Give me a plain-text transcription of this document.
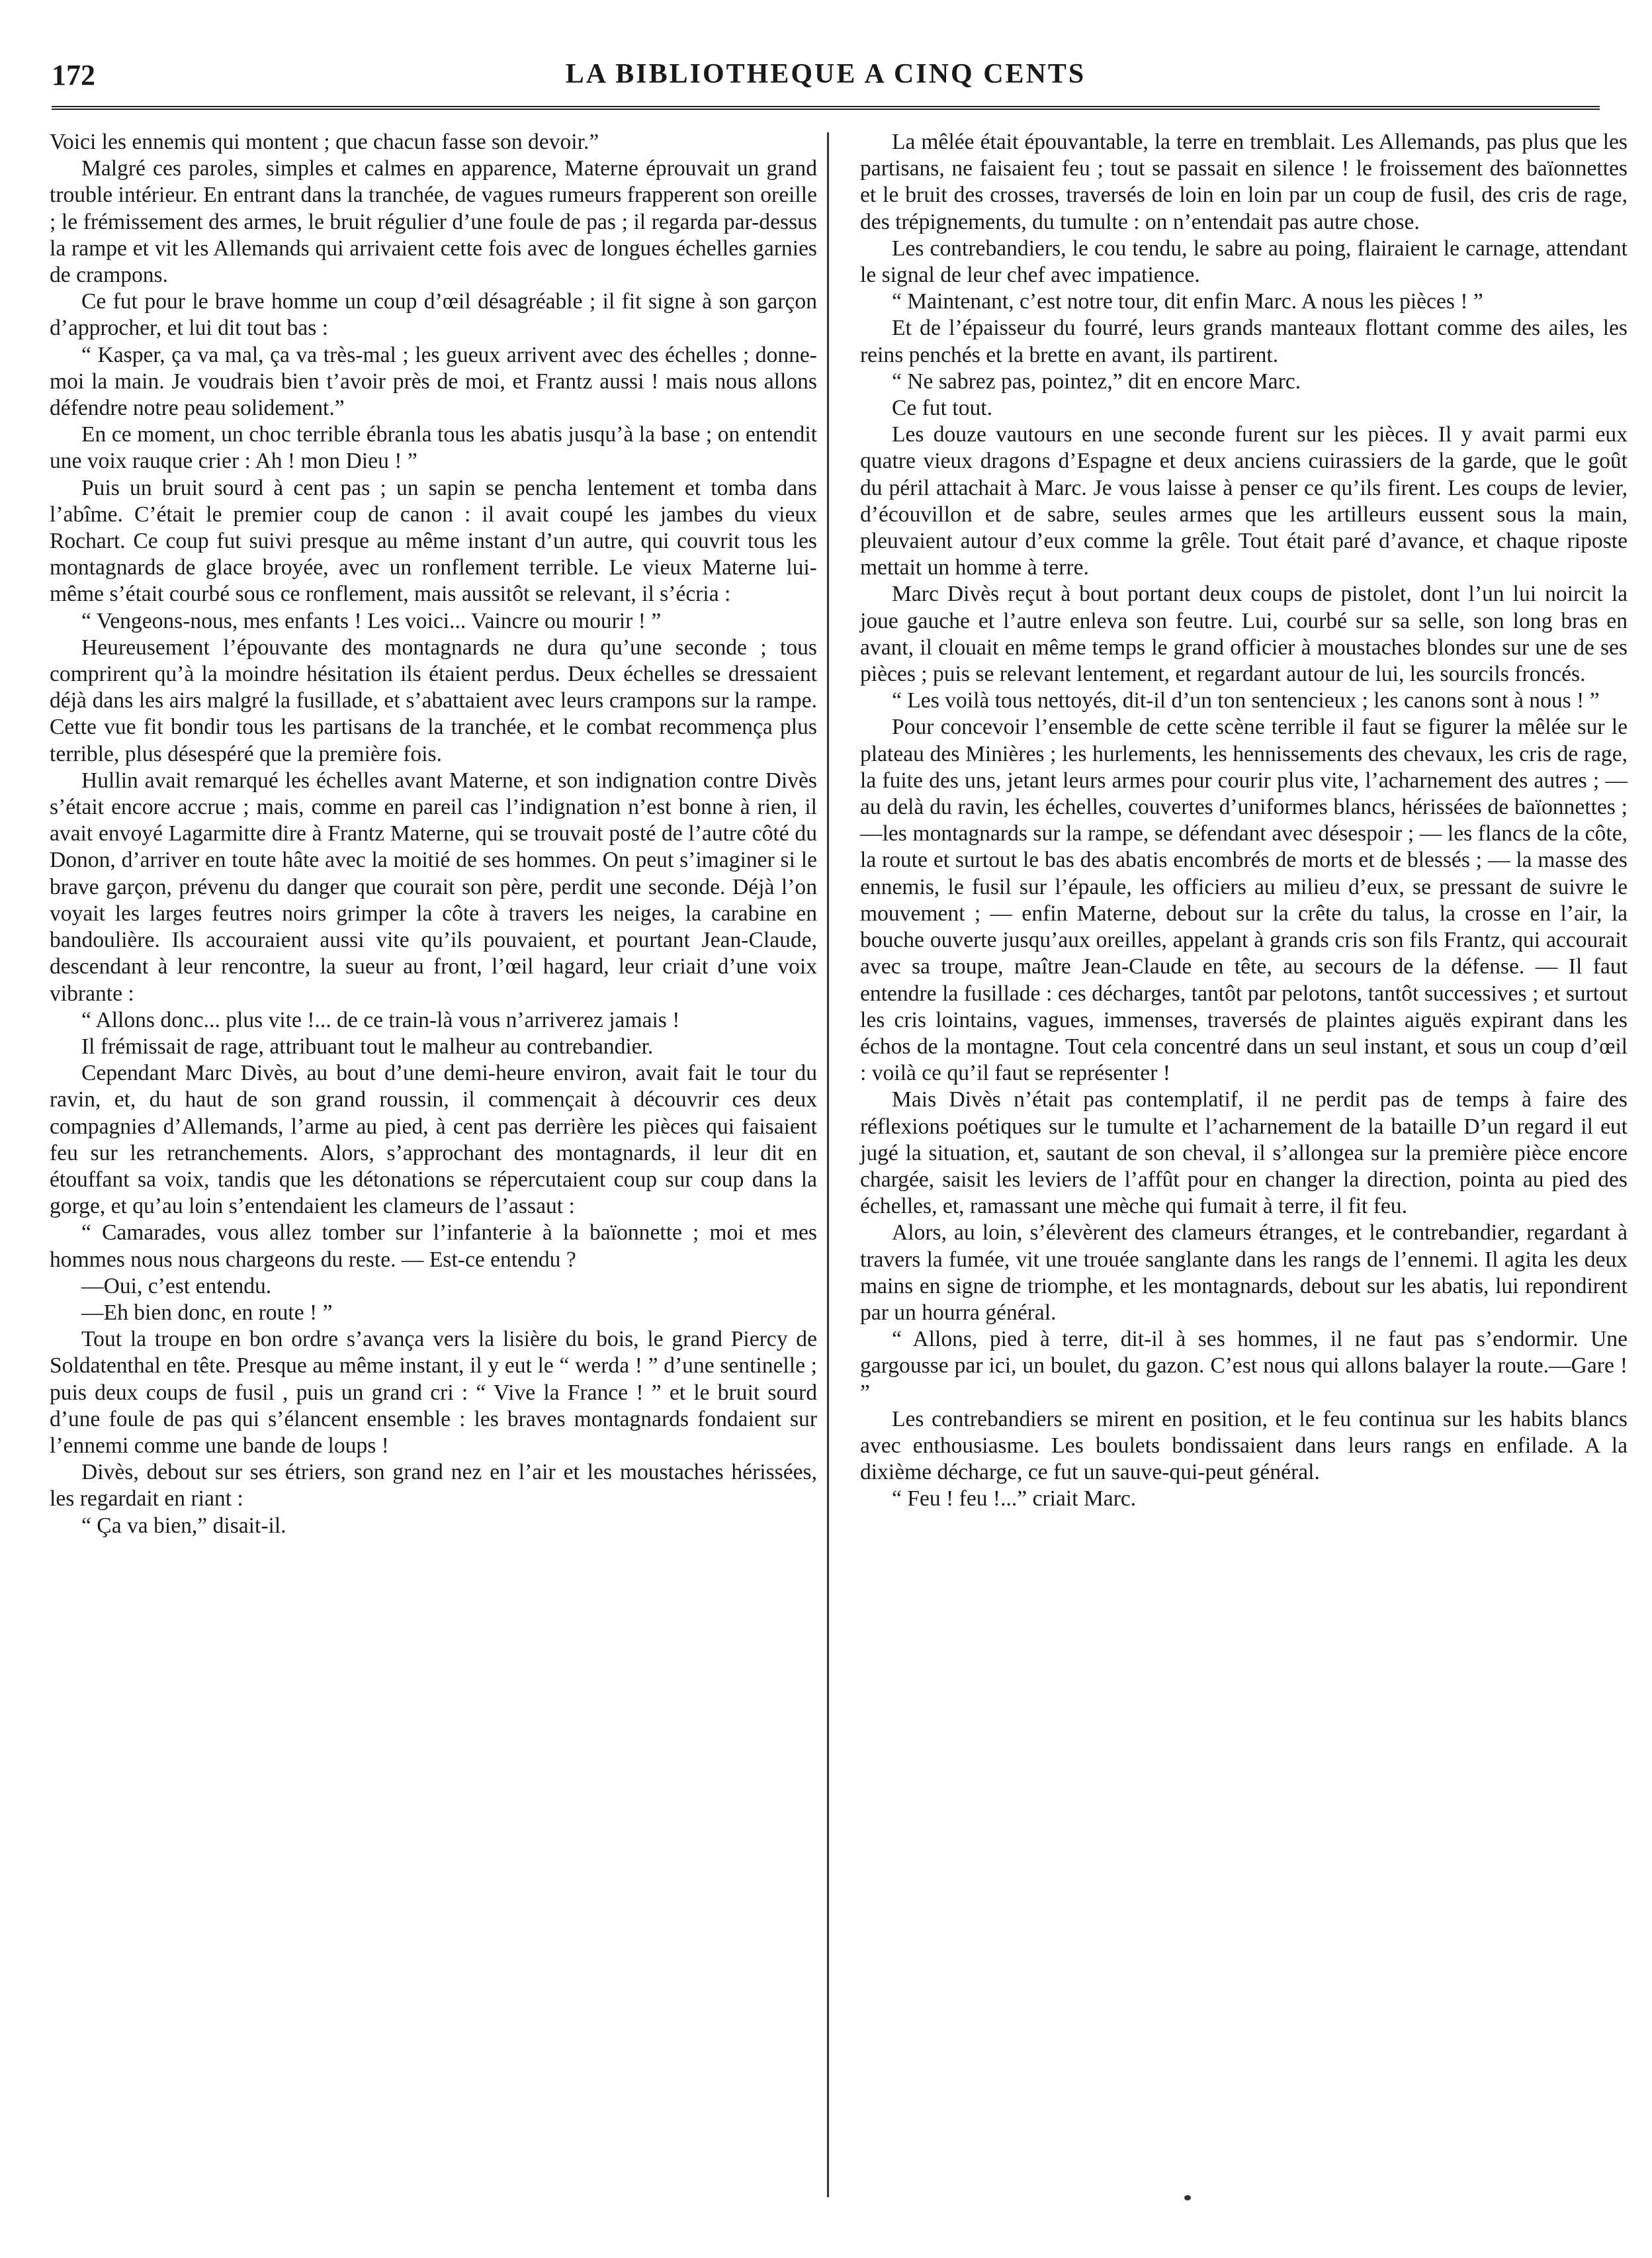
172	LA BIBLIOTHEQUE A CINQ CENTS

Voici les ennemis qui montent ; que chacun fasse son devoir.”

Malgré ces paroles, simples et calmes en apparence, Materne éprouvait un grand trouble intérieur. En entrant dans la tranchée, de vagues rumeurs frapperent son oreille ; le frémissement des armes, le bruit régulier d’une foule de pas ; il regarda par-dessus la rampe et vit les Allemands qui arrivaient cette fois avec de longues échelles garnies de crampons.

Ce fut pour le brave homme un coup d’œil désagréable ; il fit signe à son garçon d’approcher, et lui dit tout bas :

“ Kasper, ça va mal, ça va très-mal ; les gueux arrivent avec des échelles ; donne-moi la main. Je voudrais bien t’avoir près de moi, et Frantz aussi ! mais nous allons défendre notre peau solidement.”

En ce moment, un choc terrible ébranla tous les abatis jusqu’à la base ; on entendit une voix rauque crier : Ah ! mon Dieu ! ”

Puis un bruit sourd à cent pas ; un sapin se pencha lentement et tomba dans l’abîme. C’était le premier coup de canon : il avait coupé les jambes du vieux Rochart. Ce coup fut suivi presque au même instant d’un autre, qui couvrit tous les montagnards de glace broyée, avec un ronflement terrible. Le vieux Materne lui-même s’était courbé sous ce ronflement, mais aussitôt se relevant, il s’écria :

“ Vengeons-nous, mes enfants ! Les voici... Vaincre ou mourir ! ”

Heureusement l’épouvante des montagnards ne dura qu’une seconde ; tous comprirent qu’à la moindre hésitation ils étaient perdus. Deux échelles se dressaient déjà dans les airs malgré la fusillade, et s’abattaient avec leurs crampons sur la rampe. Cette vue fit bondir tous les partisans de la tranchée, et le combat recommença plus terrible, plus désespéré que la première fois.

Hullin avait remarqué les échelles avant Materne, et son indignation contre Divès s’était encore accrue ; mais, comme en pareil cas l’indignation n’est bonne à rien, il avait envoyé Lagarmitte dire à Frantz Materne, qui se trouvait posté de l’autre côté du Donon, d’arriver en toute hâte avec la moitié de ses hommes. On peut s’imaginer si le brave garçon, prévenu du danger que courait son père, perdit une seconde. Déjà l’on voyait les larges feutres noirs grimper la côte à travers les neiges, la carabine en bandoulière. Ils accouraient aussi vite qu’ils pouvaient, et pourtant Jean-Claude, descendant à leur rencontre, la sueur au front, l’œil hagard, leur criait d’une voix vibrante :

“ Allons donc... plus vite !... de ce train-là vous n’arriverez jamais !

Il frémissait de rage, attribuant tout le malheur au contrebandier.

Cependant Marc Divès, au bout d’une demi-heure environ, avait fait le tour du ravin, et, du haut de son grand roussin, il commençait à découvrir ces deux compagnies d’Allemands, l’arme au pied, à cent pas derrière les pièces qui faisaient feu sur les retranchements. Alors, s’approchant des montagnards, il leur dit en étouffant sa voix, tandis que les détonations se répercutaient coup sur coup dans la gorge, et qu’au loin s’entendaient les clameurs de l’assaut :

“ Camarades, vous allez tomber sur l’infanterie à la baïonnette ; moi et mes hommes nous nous chargeons du reste. — Est-ce entendu ?

—Oui, c’est entendu.

—Eh bien donc, en route ! ”

Tout la troupe en bon ordre s’avança vers la lisière du bois, le grand Piercy de Soldatenthal en tête. Presque au même instant, il y eut le “ werda ! ” d’une sentinelle ; puis deux coups de fusil , puis un grand cri : “ Vive la France ! ” et le bruit sourd d’une foule de pas qui s’élancent ensemble : les braves montagnards fondaient sur l’ennemi comme une bande de loups !

Divès, debout sur ses étriers, son grand nez en l’air et les moustaches hérissées, les regardait en riant :

“ Ça va bien,” disait-il.

La mêlée était épouvantable, la terre en tremblait. Les Allemands, pas plus que les partisans, ne faisaient feu ; tout se passait en silence ! le froissement des baïonnettes et le bruit des crosses, traversés de loin en loin par un coup de fusil, des cris de rage, des trépignements, du tumulte : on n’entendait pas autre chose.

Les contrebandiers, le cou tendu, le sabre au poing, flairaient le carnage, attendant le signal de leur chef avec impatience.

“ Maintenant, c’est notre tour, dit enfin Marc. A nous les pièces ! ”

Et de l’épaisseur du fourré, leurs grands manteaux flottant comme des ailes, les reins penchés et la brette en avant, ils partirent.

“ Ne sabrez pas, pointez,” dit en encore Marc.

Ce fut tout.

Les douze vautours en une seconde furent sur les pièces. Il y avait parmi eux quatre vieux dragons d’Espagne et deux anciens cuirassiers de la garde, que le goût du péril attachait à Marc. Je vous laisse à penser ce qu’ils firent. Les coups de levier, d’écouvillon et de sabre, seules armes que les artilleurs eussent sous la main, pleuvaient autour d’eux comme la grêle. Tout était paré d’avance, et chaque riposte mettait un homme à terre.

Marc Divès reçut à bout portant deux coups de pistolet, dont l’un lui noircit la joue gauche et l’autre enleva son feutre. Lui, courbé sur sa selle, son long bras en avant, il clouait en même temps le grand officier à moustaches blondes sur une de ses pièces ; puis se relevant lentement, et regardant autour de lui, les sourcils froncés.

“ Les voilà tous nettoyés, dit-il d’un ton sentencieux ; les canons sont à nous ! ”

Pour concevoir l’ensemble de cette scène terrible il faut se figurer la mêlée sur le plateau des Minières ; les hurlements, les hennissements des chevaux, les cris de rage, la fuite des uns, jetant leurs armes pour courir plus vite, l’acharnement des autres ; — au delà du ravin, les échelles, couvertes d’uniformes blancs, hérissées de baïonnettes ;—les montagnards sur la rampe, se défendant avec désespoir ; — les flancs de la côte, la route et surtout le bas des abatis encombrés de morts et de blessés ; — la masse des ennemis, le fusil sur l’épaule, les officiers au milieu d’eux, se pressant de suivre le mouvement ; — enfin Materne, debout sur la crête du talus, la crosse en l’air, la bouche ouverte jusqu’aux oreilles, appelant à grands cris son fils Frantz, qui accourait avec sa troupe, maître Jean-Claude en tête, au secours de la défense. — Il faut entendre la fusillade : ces décharges, tantôt par pelotons, tantôt successives ; et surtout les cris lointains, vagues, immenses, traversés de plaintes aiguës expirant dans les échos de la montagne. Tout cela concentré dans un seul instant, et sous un coup d’œil : voilà ce qu’il faut se représenter !

Mais Divès n’était pas contemplatif, il ne perdit pas de temps à faire des réflexions poétiques sur le tumulte et l’acharnement de la bataille D’un regard il eut jugé la situation, et, sautant de son cheval, il s’allongea sur la première pièce encore chargée, saisit les leviers de l’affût pour en changer la direction, pointa au pied des échelles, et, ramassant une mèche qui fumait à terre, il fit feu.

Alors, au loin, s’élevèrent des clameurs étranges, et le contrebandier, regardant à travers la fumée, vit une trouée sanglante dans les rangs de l’ennemi. Il agita les deux mains en signe de triomphe, et les montagnards, debout sur les abatis, lui repondirent par un hourra général.

“ Allons, pied à terre, dit-il à ses hommes, il ne faut pas s’endormir. Une gargousse par ici, un boulet, du gazon. C’est nous qui allons balayer la route.—Gare ! ”

Les contrebandiers se mirent en position, et le feu continua sur les habits blancs avec enthousiasme. Les boulets bondissaient dans leurs rangs en enfilade. A la dixième décharge, ce fut un sauve-qui-peut général.

“ Feu ! feu !...” criait Marc.
